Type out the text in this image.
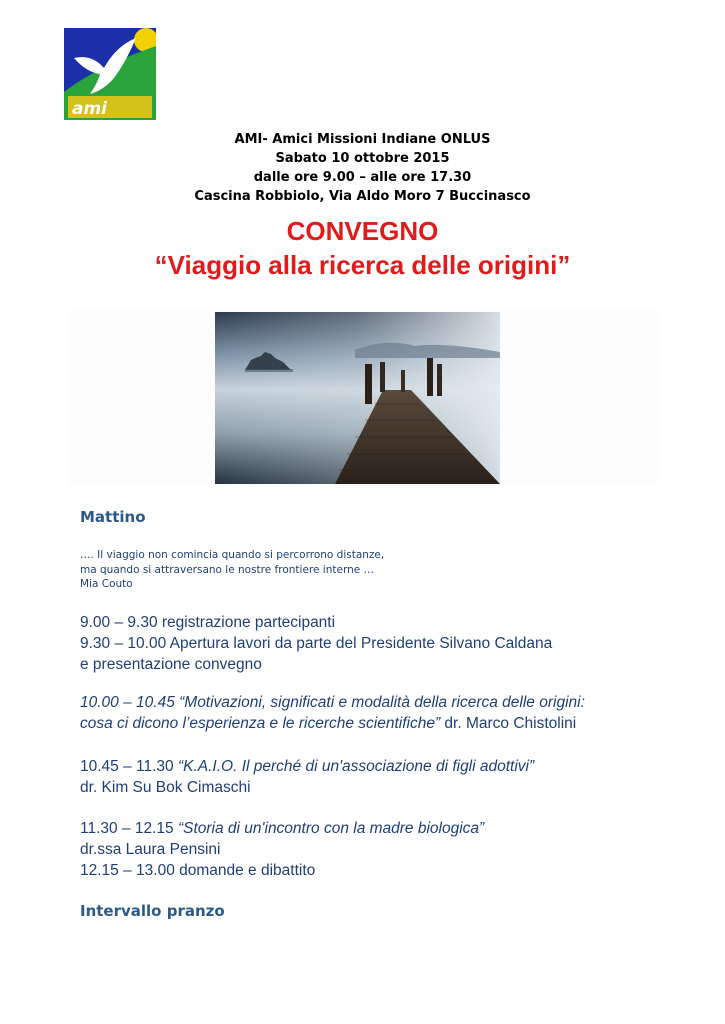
ami
AMI- Amici Missioni Indiane ONLUS
Sabato 10 ottobre 2015
dalle ore 9.00 – alle ore 17.30
Cascina Robbiolo, Via Aldo Moro 7 Buccinasco
CONVEGNO
“Viaggio alla ricerca delle origini”
Mattino
…. Il viaggio non comincia quando si percorrono distanze,
ma quando si attraversano le nostre frontiere interne …
Mia Couto
9.00 – 9.30 registrazione partecipanti
9.30 – 10.00 Apertura lavori da parte del Presidente Silvano Caldana
e presentazione convegno
10.00 – 10.45 “Motivazioni, significati e modalità della ricerca delle origini:
cosa ci dicono l’esperienza e le ricerche scientifiche” dr. Marco Chistolini
10.45 – 11.30 “K.A.I.O. Il perché di un'associazione di figli adottivi”
dr. Kim Su Bok Cimaschi
11.30 – 12.15 “Storia di un'incontro con la madre biologica”
dr.ssa Laura Pensini
12.15 – 13.00 domande e dibattito
Intervallo pranzo
